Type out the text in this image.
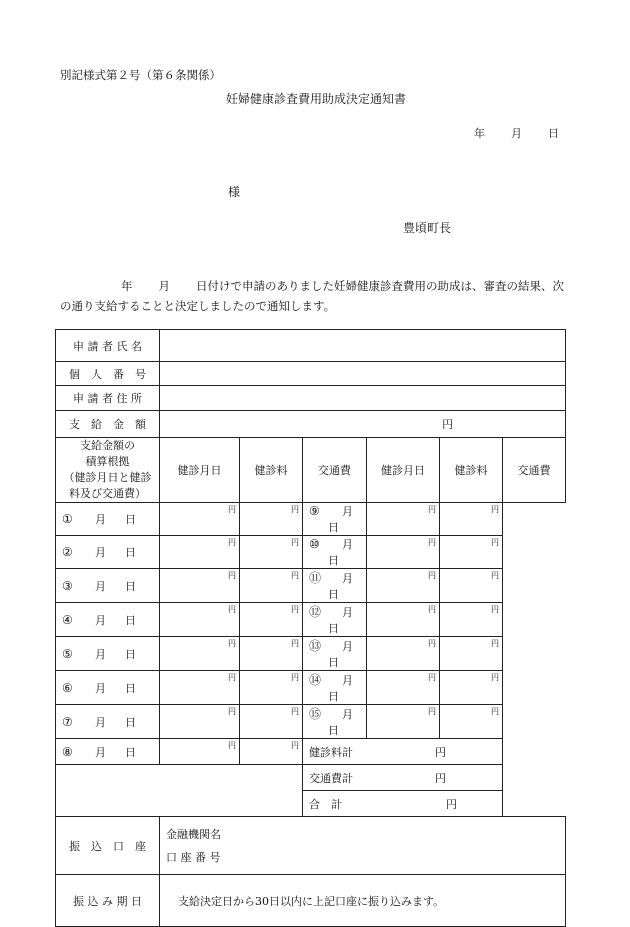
別記様式第２号（第６条関係）
妊婦健康診査費用助成決定通知書
年 月 日
様
豊頃町長
年 月 日付けで申請のありました妊婦健康診査費用の助成は、審査の結果、次
の通り支給することと決定しましたので通知します。
申 請 者 氏 名						
個　人　番　号						
申 請 者 住 所						
支　給　金　額	円					

支給金額の
積算根拠
（健診月日と健診
料及び交通費）	健診月日	健診料	交通費	健診月日	健診料	交通費
① 月 日	円	円	⑨ 月日	円	円	

② 月 日	円	円	⑩ 月日	円	円	

③ 月 日	円	円	⑪ 月日	円	円	

④ 月 日	円	円	⑫ 月日	円	円	

⑤ 月 日	円	円	⑬ 月日	円	円	

⑥ 月 日	円	円	⑭ 月日	円	円	

⑦ 月 日	円	円	⑮ 月日	円	円	

⑧ 月 日	円	円	健診料計 円			
			交通費計 円			
			合　計 円			
振　込　口　座	金融機関名
口 座 番 号					

振 込 み 期 日	支給決定日から30日以内に上記口座に振り込みます。					
